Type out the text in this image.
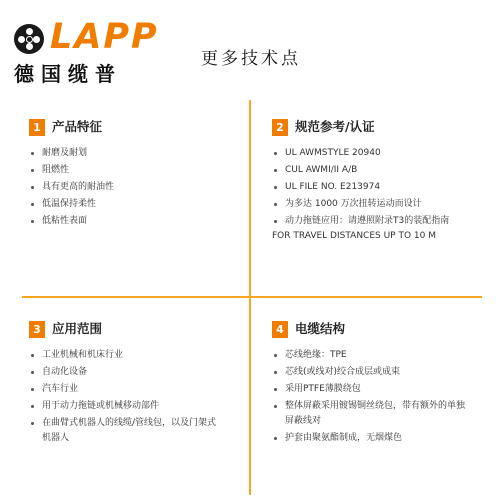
LAPP
德国缆普
更多技术点
1 产品特征
耐磨及耐划
阻燃性
具有更高的耐油性
低温保持柔性
低粘性表面
2 规范参考/认证
UL AWMSTYLE 20940
CUL AWMI/II A/B
UL FILE NO. E213974
为多达 1000 万次扭转运动而设计
动力拖链应用：请遵照附录T3的装配指南
FOR TRAVEL DISTANCES UP TO 10 M
3 应用范围
工业机械和机床行业
自动化设备
汽车行业
用于动力拖链或机械移动部件
在曲臂式机器人的线缆/管线包，以及门架式
机器人
4 电缆结构
芯线绝缘：TPE
芯线(或线对)绞合成层或成束
采用PTFE薄膜绕包
整体屏蔽采用镀锡铜丝绕包，带有额外的单独
屏蔽线对
护套由聚氨酯制成，无烟煤色
